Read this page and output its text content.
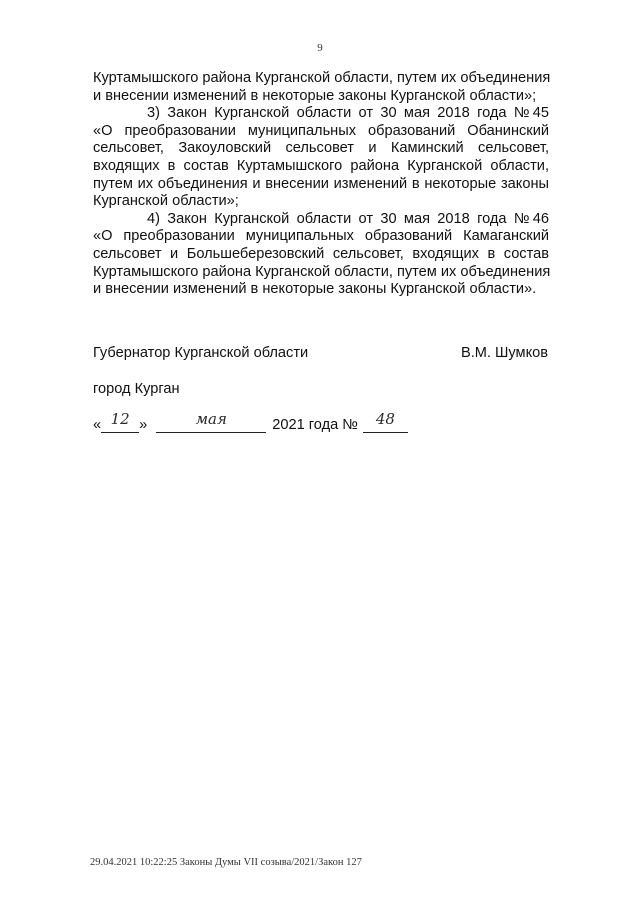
9
Куртамышского района Курганской области, путем их объединения
и внесении изменений в некоторые законы Курганской области»;
3) Закон Курганской области от 30 мая 2018 года №45
«О преобразовании муниципальных образований Обанинский
сельсовет, Закоуловский сельсовет и Каминский сельсовет,
входящих в состав Куртамышского района Курганской области,
путем их объединения и внесении изменений в некоторые законы
Курганской области»;
4) Закон Курганской области от 30 мая 2018 года №46
«О преобразовании муниципальных образований Камаганский
сельсовет и Большеберезовский сельсовет, входящих в состав
Куртамышского района Курганской области, путем их объединения
и внесении изменений в некоторые законы Курганской области».
Губернатор Курганской области	В.М. Шумков
город Курган
« 12 »	мая	2021 года №	48
29.04.2021 10:22:25 Законы Думы VII созыва/2021/Закон 127
